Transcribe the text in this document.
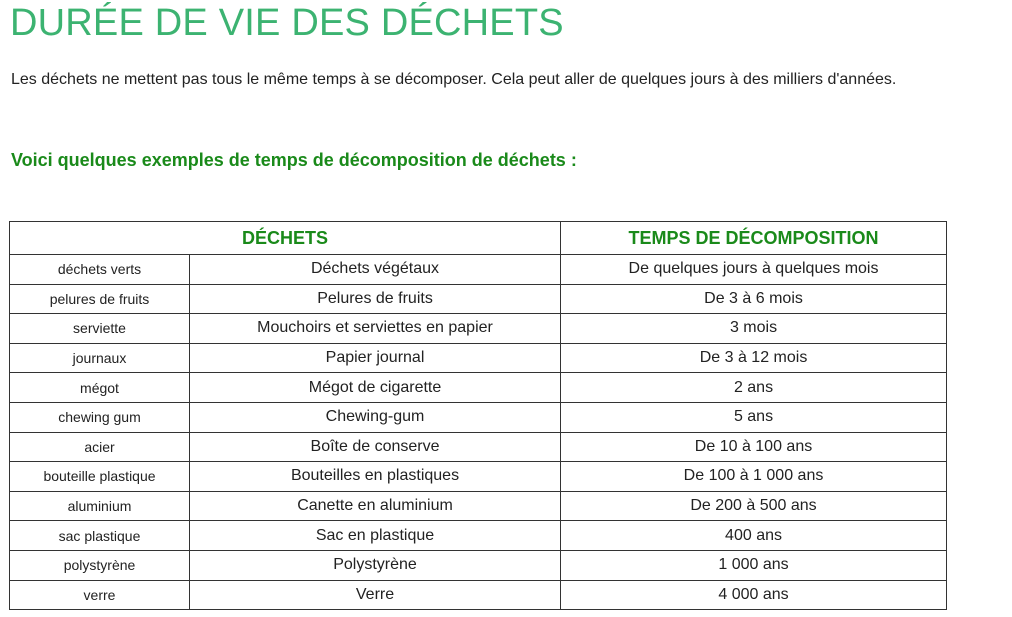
DURÉE DE VIE DES DÉCHETS

Les déchets ne mettent pas tous le même temps à se décomposer. Cela peut aller de quelques jours à des milliers d'années.

Voici quelques exemples de temps de décomposition de déchets :
DÉCHETS		TEMPS DE DÉCOMPOSITION
déchets verts	Déchets végétaux	De quelques jours à quelques mois
pelures de fruits	Pelures de fruits	De 3 à 6 mois
serviette	Mouchoirs et serviettes en papier	3 mois
journaux	Papier journal	De 3 à 12 mois
mégot	Mégot de cigarette	2 ans
chewing gum	Chewing-gum	5 ans
acier	Boîte de conserve	De 10 à 100 ans
bouteille plastique	Bouteilles en plastiques	De 100 à 1 000 ans
aluminium	Canette en aluminium	De 200 à 500 ans
sac plastique	Sac en plastique	400 ans
polystyrène	Polystyrène	1 000 ans
verre	Verre	4 000 ans
